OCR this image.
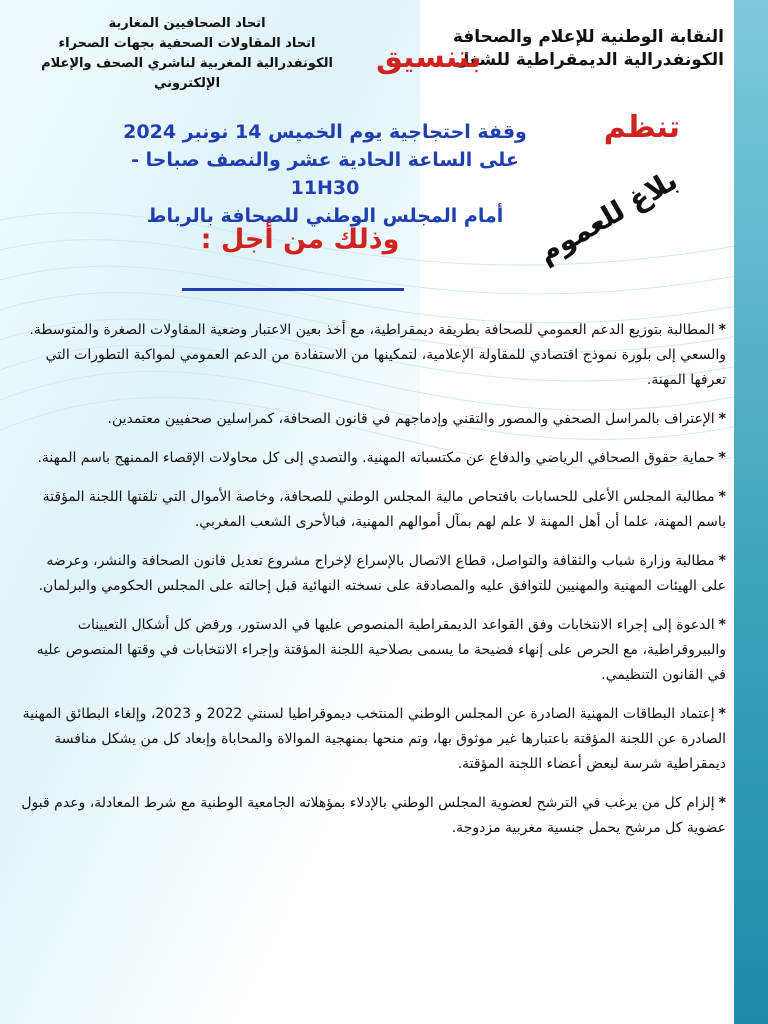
النقابة الوطنية للإعلام والصحافة
الكونفدرالية الديمقراطية للشغل
اتحاد الصحافيين المغاربة
اتحاد المقاولات الصحفية بجهات الصحراء
الكونفدرالية المغربية لناشري الصحف والإعلام الإلكتروني
بتنسيق
تنظم
وقفة احتجاجية يوم الخميس 14 نونبر 2024
على الساعة الحادية عشر والنصف صباحا - 11H30
أمام المجلس الوطني للصحافة بالرباط	بلاغ للعموم
وذلك من أجل :
*المطالبة بتوزيع الدعم العمومي للصحافة بطريقة ديمقراطية، مع أخذ بعين الاعتبار وضعية المقاولات الصغرة والمتوسطة. والسعي إلى بلورة نموذج اقتصادي للمقاولة الإعلامية، لتمكينها من الاستفادة من الدعم العمومي لمواكبة التطورات التي تعرفها المهنة.
*الإعتراف بالمراسل الصحفي والمصور والتقني وإدماجهم في قانون الصحافة، كمراسلين صحفيين معتمدين.
*حماية حقوق الصحافي الرياضي والدفاع عن مكتسباته المهنية. والتصدي إلى كل محاولات الإقصاء الممنهج باسم المهنة.
*مطالبة المجلس الأعلى للحسابات بافتحاص مالية المجلس الوطني للصحافة، وخاصة الأموال التي تلقتها اللجنة المؤقتة باسم المهنة، علما أن أهل المهنة لا علم لهم بمآل أموالهم المهنية، فبالأحرى الشعب المغربي.
*مطالبة وزارة شباب والثقافة والتواصل، قطاع الاتصال بالإسراع لإخراج مشروع تعديل قانون الصحافة والنشر، وعرضه على الهيئات المهنية والمهنيين للتوافق عليه والمصادقة على نسخته النهائية قبل إحالته على المجلس الحكومي والبرلمان.
*الدعوة إلى إجراء الانتخابات وفق القواعد الديمقراطية المنصوص عليها في الدستور، ورفض كل أشكال التعيينات والبيروقراطية، مع الحرص على إنهاء فضيحة ما يسمى بصلاحية اللجنة المؤقتة وإجراء الانتخابات في وقتها المنصوص عليه في القانون التنظيمي.
*إعتماد البطاقات المهنية الصادرة عن المجلس الوطني المنتخب ديموقراطيا لسنتي 2022 و 2023، وإلغاء البطائق المهنية الصادرة عن اللجنة المؤقتة باعتبارها غير موثوق بها، وتم منحها بمنهجية الموالاة والمحاباة وإبعاد كل من يشكل منافسة ديمقراطية شرسة لبعض أعضاء اللجنة المؤقتة.
*إلزام كل من يرغب في الترشح لعضوية المجلس الوطني بالإدلاء بمؤهلاته الجامعية الوطنية مع شرط المعادلة، وعدم قبول عضوية كل مرشح يحمل جنسية مغربية مزدوجة.
